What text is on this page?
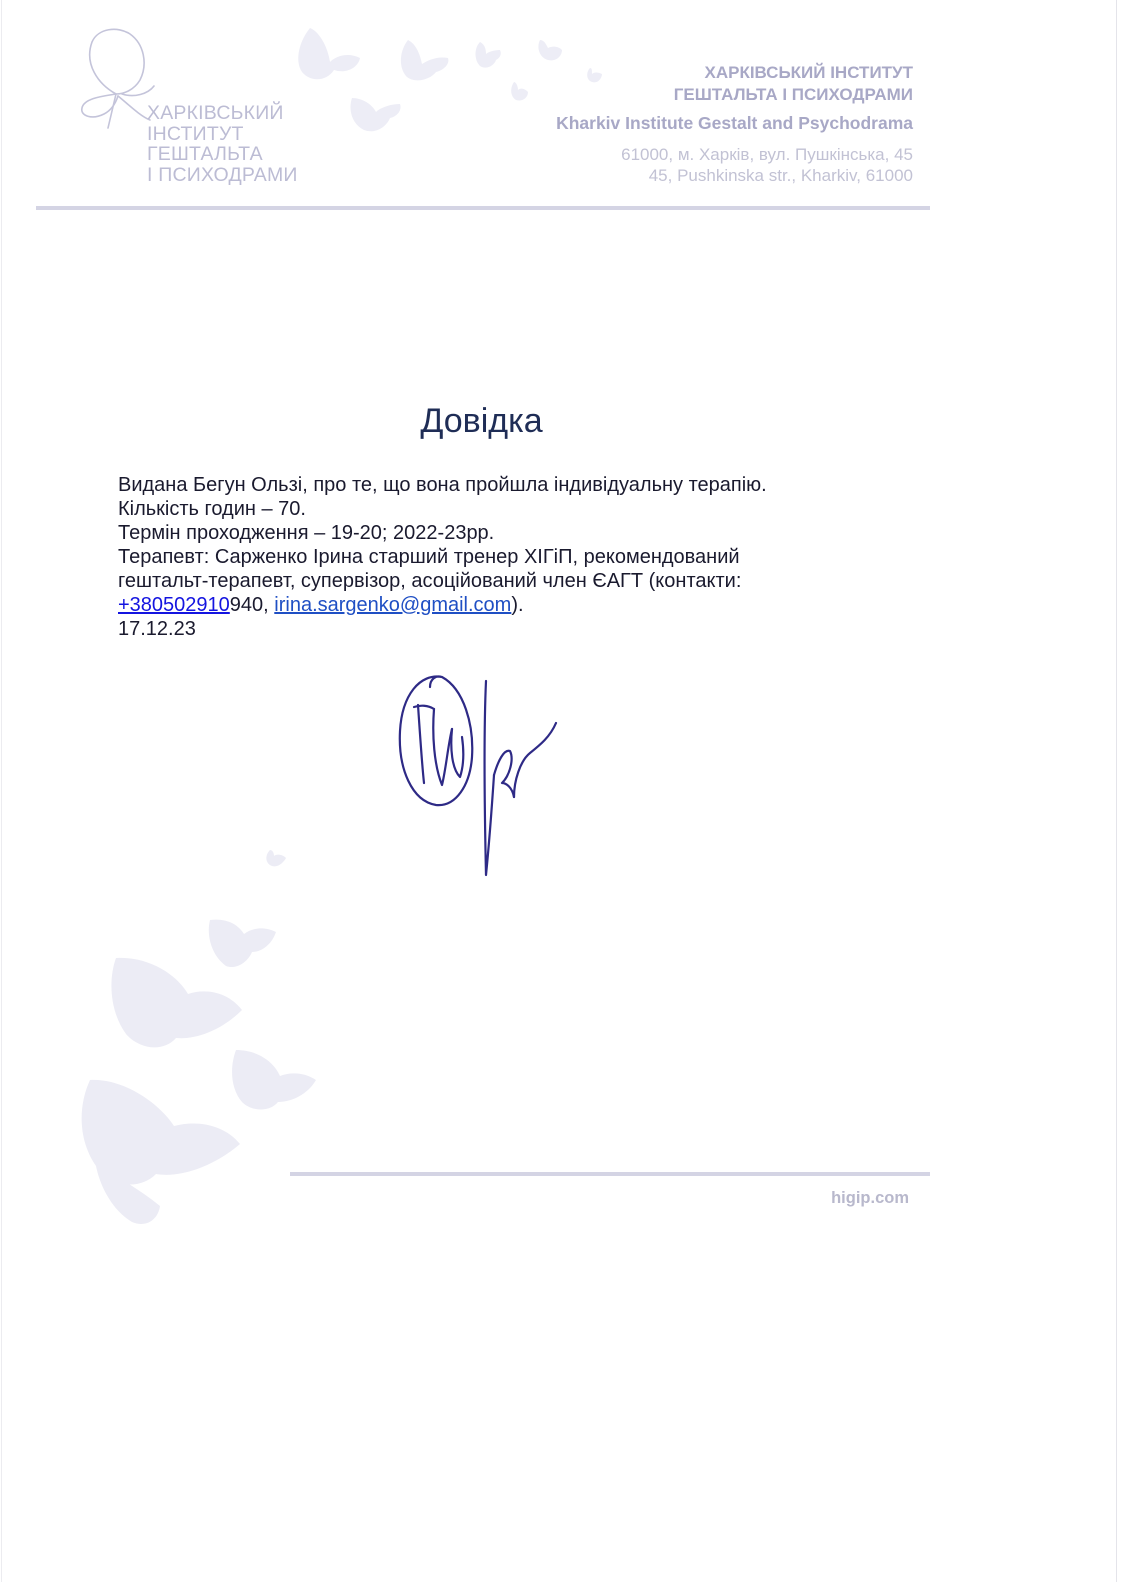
ХАРКІВСЬКИЙ
ІНСТИТУТ
ГЕШТАЛЬТА
І ПСИХОДРАМИ
ХАРКІВСЬКИЙ ІНСТИТУТ
ГЕШТАЛЬТА І ПСИХОДРАМИ
Kharkiv Institute Gestalt and Psychodrama
61000, м. Харків, вул. Пушкінська, 45
45, Pushkinska str., Kharkiv, 61000
Довідка

Видана Бегун Ользі, про те, що вона пройшла індивідуальну терапію.

Кількість годин – 70.

Термін проходження – 19-20; 2022-23рр.

Терапевт: Сарженко Ірина старший тренер ХІГіП, рекомендований

гештальт-терапевт, супервізор, асоційований член ЄАГТ (контакти:

+380502910940, irina.sargenko@gmail.com).

17.12.23

higip.com
